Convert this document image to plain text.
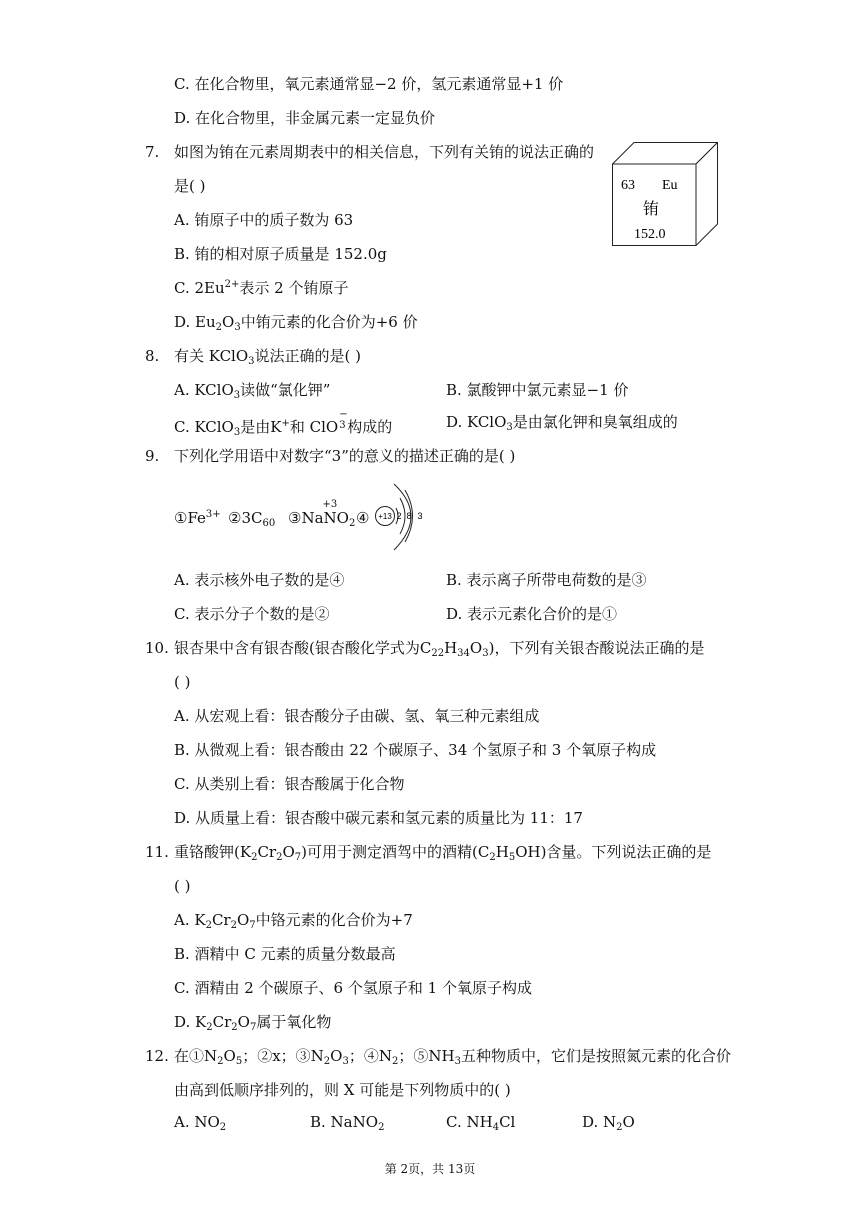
C. 在化合物里，氧元素通常显−2 价，氢元素通常显+1 价
D. 在化合物里，非金属元素一定显负价
7. 如图为铕在元素周期表中的相关信息，下列有关铕的说法正确的
是( )
A. 铕原子中的质子数为 63
B. 铕的相对原子质量是 152.0g
C. $2Eu^{2+}$表示 2 个铕原子
D. $Eu_2O_3$中铕元素的化合价为+6 价
63 Eu
铕
152.0
8. 有关 KClO$_3$说法正确的是( )
A. KClO$_3$读做“氯化钾”	B. 氯酸钾中氯元素显−1 价
C. KClO$_3$是由K+和 ClO
−
3 构成的	D. KClO$_3$是由氯化钾和臭氧组成的
9. 下列化学用语中对数字“3”的意义的描述正确的是( )
$①Fe^{3+}$ $②3C_{60}$ ③Na
+3
$NO_2$ ④ +13 2 8 3
A. 表示核外电子数的是④	B. 表示离子所带电荷数的是③
C. 表示分子个数的是②	D. 表示元素化合价的是①
10. 银杏果中含有银杏酸(银杏酸化学式为$C_{22}H_{34}O_3$)，下列有关银杏酸说法正确的是
( )
A. 从宏观上看：银杏酸分子由碳、氢、氧三种元素组成
B. 从微观上看：银杏酸由 22 个碳原子、34 个氢原子和 3 个氧原子构成
C. 从类别上看：银杏酸属于化合物
D. 从质量上看：银杏酸中碳元素和氢元素的质量比为 11：17
11. 重铬酸钾$(K_2Cr_2O_7)$可用于测定酒驾中的酒精$(C_2H_5OH)$含量。下列说法正确的是
( )
A. $K_2Cr_2O_7$中铬元素的化合价为+7
B. 酒精中 C 元素的质量分数最高
C. 酒精由 2 个碳原子、6 个氢原子和 1 个氧原子构成
D. $K_2Cr_2O_7$属于氧化物
12. 在$①N_2O_5$；②x；$③N_2O_3$；$④N_2$；$⑤NH_3$五种物质中，它们是按照氮元素的化合价
由高到低顺序排列的，则 X 可能是下列物质中的( )
A. $NO_2$	B. NaNO$_2$	C. $NH_4Cl$	D. $N_2O$
第 2页，共 13页
